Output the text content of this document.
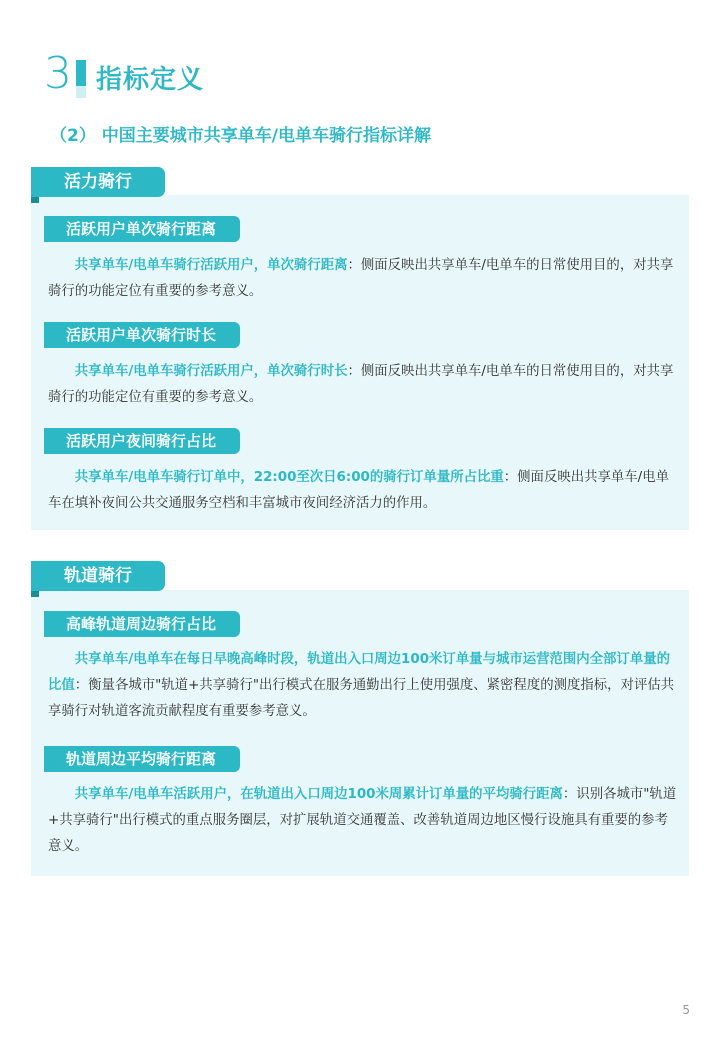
3 指标定义
（2） 中国主要城市共享单车/电单车骑行指标详解
活力骑行
活跃用户单次骑行距离
共享单车/电单车骑行活跃用户，单次骑行距离：侧面反映出共享单车/电单车的日常使用目的，对共享骑行的功能定位有重要的参考意义。
活跃用户单次骑行时长
共享单车/电单车骑行活跃用户，单次骑行时长：侧面反映出共享单车/电单车的日常使用目的，对共享骑行的功能定位有重要的参考意义。
活跃用户夜间骑行占比
共享单车/电单车骑行订单中，22:00至次日6:00的骑行订单量所占比重：侧面反映出共享单车/电单车在填补夜间公共交通服务空档和丰富城市夜间经济活力的作用。
轨道骑行
高峰轨道周边骑行占比
共享单车/电单车在每日早晚高峰时段，轨道出入口周边100米订单量与城市运营范围内全部订单量的比值：衡量各城市"轨道+共享骑行"出行模式在服务通勤出行上使用强度、紧密程度的测度指标，对评估共享骑行对轨道客流贡献程度有重要参考意义。
轨道周边平均骑行距离
共享单车/电单车活跃用户，在轨道出入口周边100米周累计订单量的平均骑行距离：识别各城市"轨道+共享骑行"出行模式的重点服务圈层，对扩展轨道交通覆盖、改善轨道周边地区慢行设施具有重要的参考意义。
5
